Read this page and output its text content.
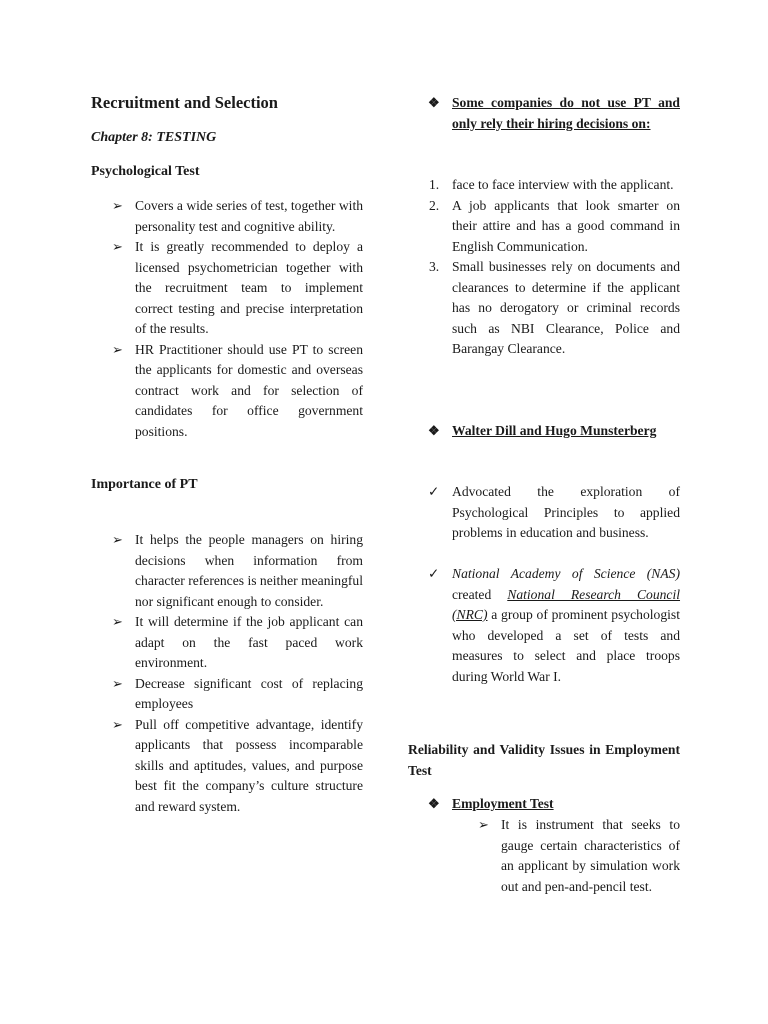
Recruitment and Selection
Chapter 8: TESTING
Psychological Test
➢ Covers a wide series of test, together with personality test and cognitive ability.
➢ It is greatly recommended to deploy a licensed psychometrician together with the recruitment team to implement correct testing and precise interpretation of the results.
➢ HR Practitioner should use PT to screen the applicants for domestic and overseas contract work and for selection of candidates for office government positions.
Importance of PT
➢ It helps the people managers on hiring decisions when information from character references is neither meaningful nor significant enough to consider.
➢ It will determine if the job applicant can adapt on the fast paced work environment.
➢ Decrease significant cost of replacing employees
➢ Pull off competitive advantage, identify applicants that possess incomparable skills and aptitudes, values, and purpose best fit the company’s culture structure and reward system.
❖ Some companies do not use PT and only rely their hiring decisions on:
1. face to face interview with the applicant.
2. A job applicants that look smarter on their attire and has a good command in English Communication.
3. Small businesses rely on documents and clearances to determine if the applicant has no derogatory or criminal records such as NBI Clearance, Police and Barangay Clearance.
❖ Walter Dill and Hugo Munsterberg
✓ Advocated the exploration of Psychological Principles to applied problems in education and business.
✓ National Academy of Science (NAS) created National Research Council (NRC) a group of prominent psychologist who developed a set of tests and measures to select and place troops during World War I.
Reliability and Validity Issues in Employment Test
❖ Employment Test
➢ It is instrument that seeks to gauge certain characteristics of an applicant by simulation work out and pen-and-pencil test.
